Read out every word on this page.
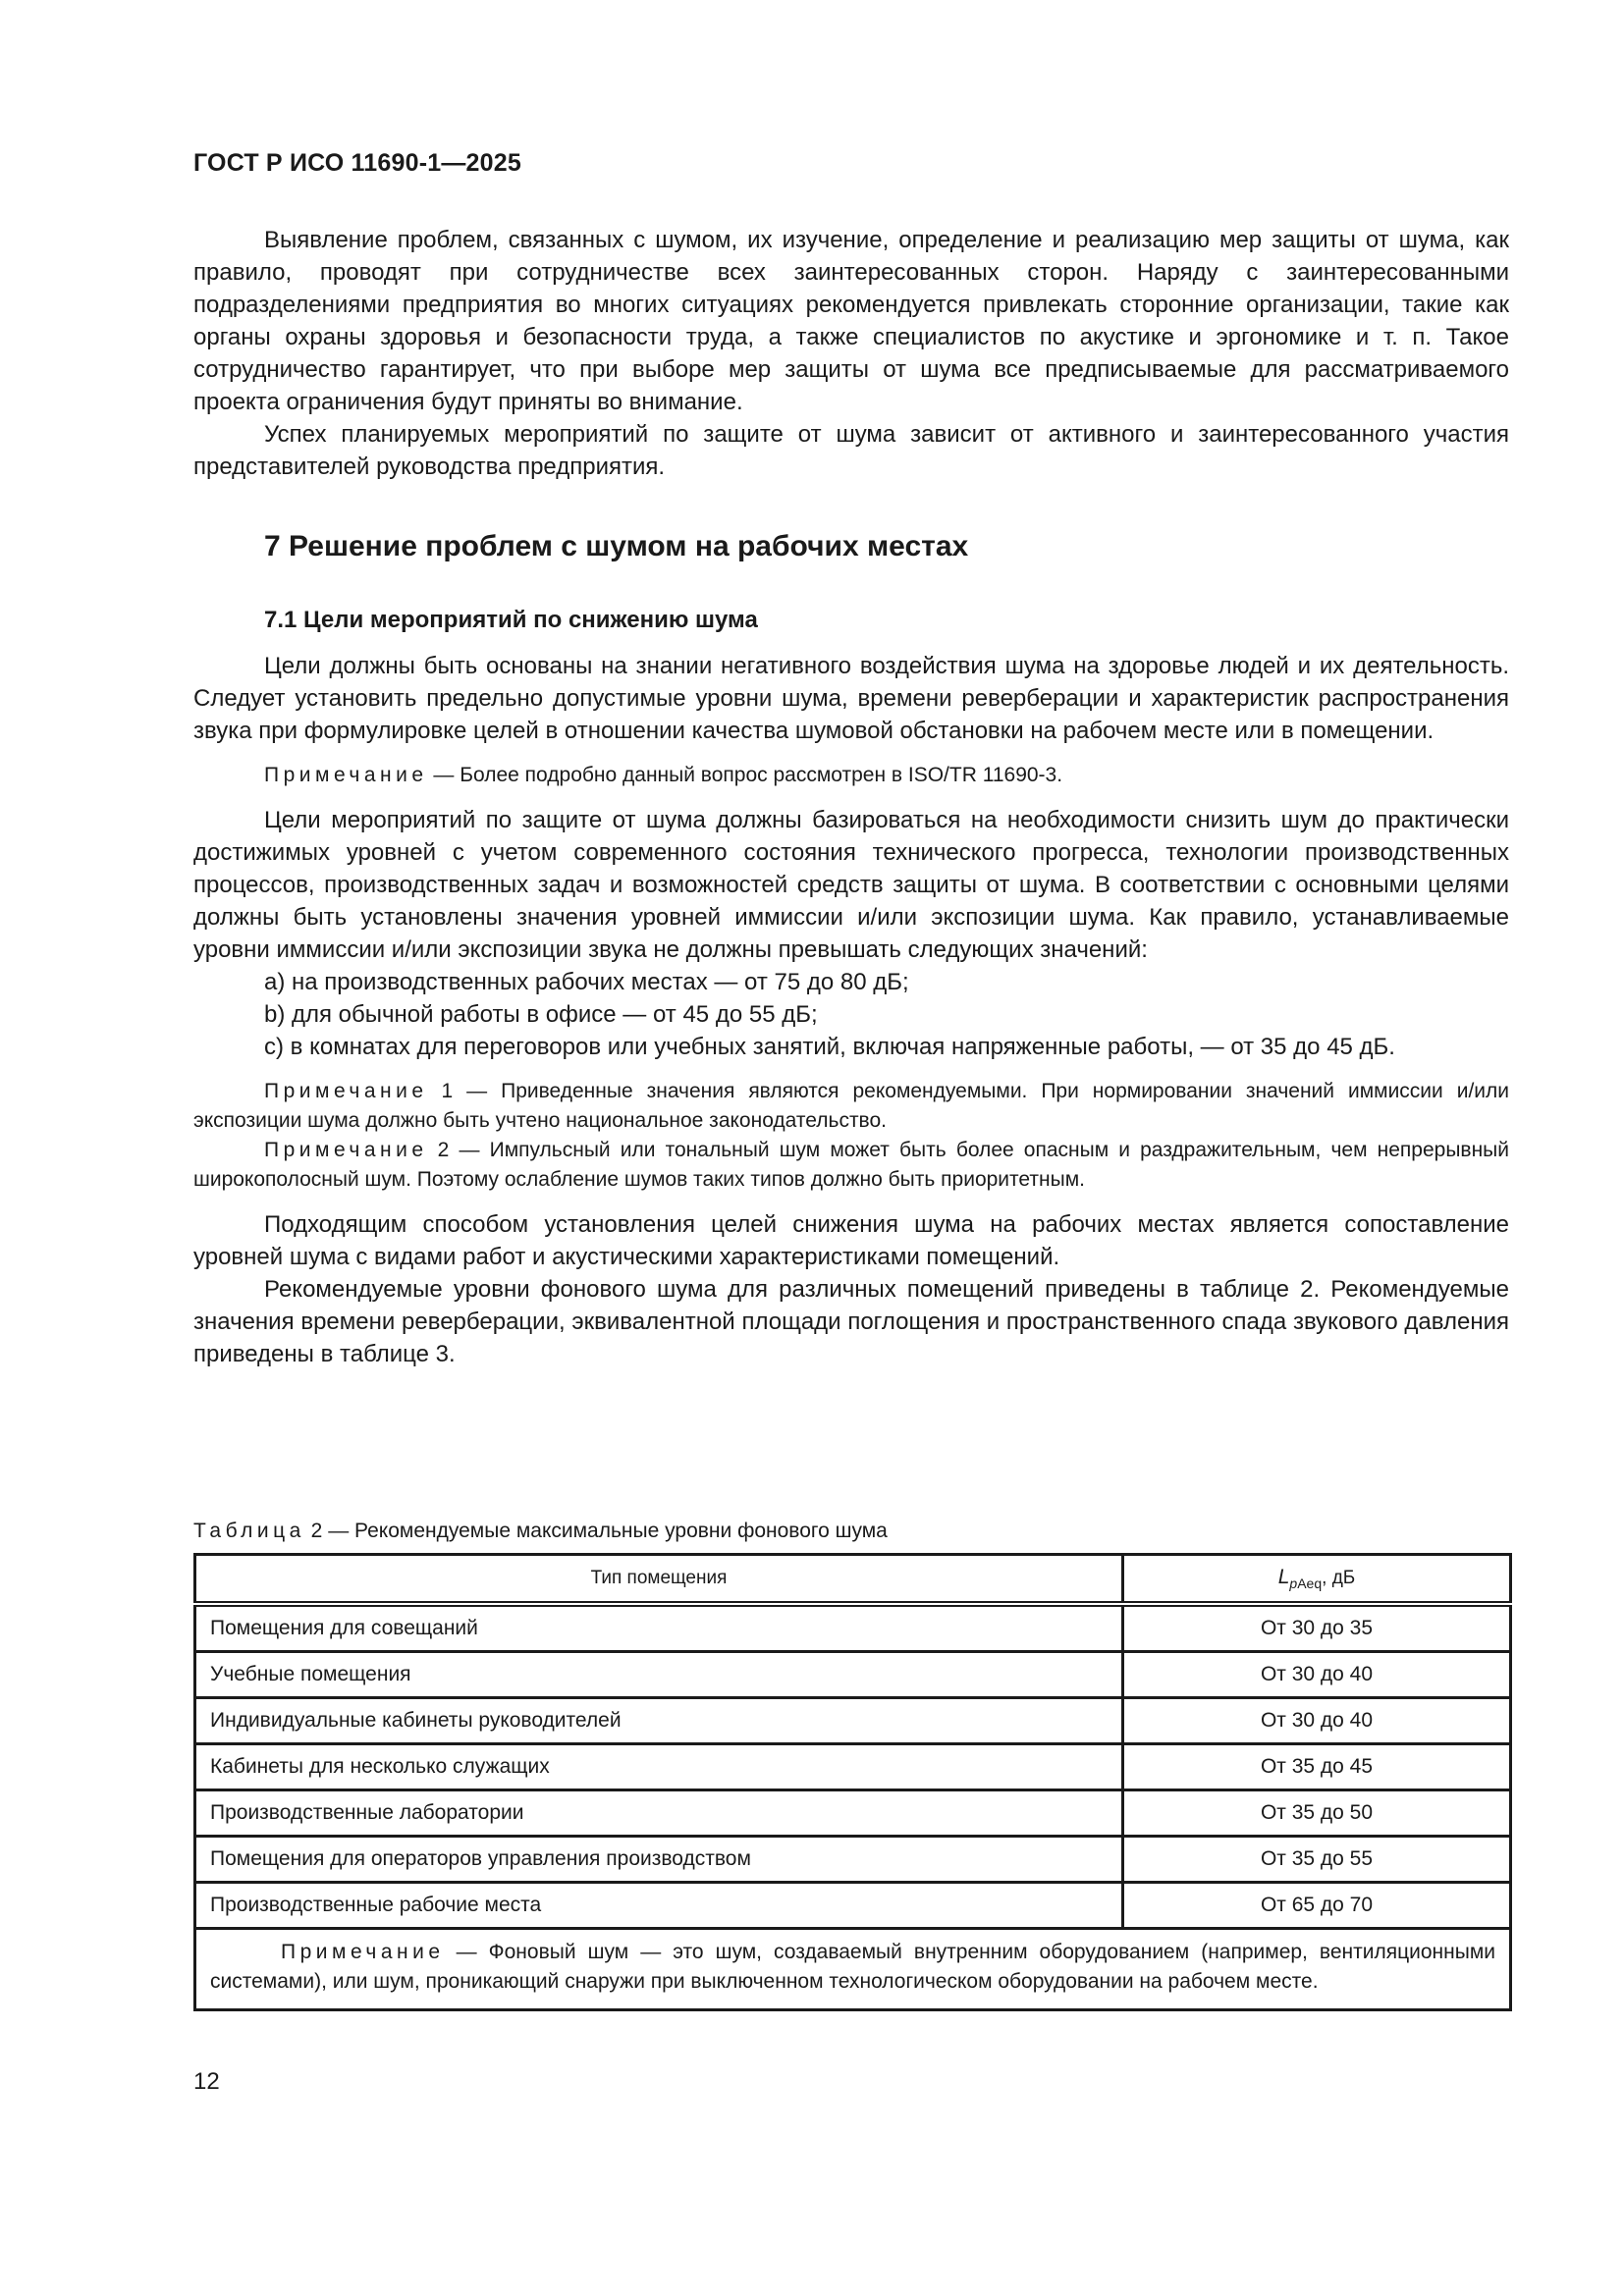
ГОСТ Р ИСО 11690-1—2025

Выявление проблем, связанных с шумом, их изучение, определение и реализацию мер защиты от шума, как правило, проводят при сотрудничестве всех заинтересованных сторон. Наряду с заинтересованными подразделениями предприятия во многих ситуациях рекомендуется привлекать сторонние организации, такие как органы охраны здоровья и безопасности труда, а также специалистов по акустике и эргономике и т. п. Такое сотрудничество гарантирует, что при выборе мер защиты от шума все предписываемые для рассматриваемого проекта ограничения будут приняты во внимание.

Успех планируемых мероприятий по защите от шума зависит от активного и заинтересованного участия представителей руководства предприятия.

7 Решение проблем с шумом на рабочих местах
7.1 Цели мероприятий по снижению шума

Цели должны быть основаны на знании негативного воздействия шума на здоровье людей и их деятельность. Следует установить предельно допустимые уровни шума, времени реверберации и характеристик распространения звука при формулировке целей в отношении качества шумовой обстановки на рабочем месте или в помещении.

Примечание — Более подробно данный вопрос рассмотрен в ISO/TR 11690-3.

Цели мероприятий по защите от шума должны базироваться на необходимости снизить шум до практически достижимых уровней с учетом современного состояния технического прогресса, технологии производственных процессов, производственных задач и возможностей средств защиты от шума. В соответствии с основными целями должны быть установлены значения уровней иммиссии и/или экспозиции шума. Как правило, устанавливаемые уровни иммиссии и/или экспозиции звука не должны превышать следующих значений:

a) на производственных рабочих местах — от 75 до 80 дБ;

b) для обычной работы в офисе — от 45 до 55 дБ;

c) в комнатах для переговоров или учебных занятий, включая напряженные работы, — от 35 до 45 дБ.

Примечание 1 — Приведенные значения являются рекомендуемыми. При нормировании значений иммиссии и/или экспозиции шума должно быть учтено национальное законодательство.

Примечание 2 — Импульсный или тональный шум может быть более опасным и раздражительным, чем непрерывный широкополосный шум. Поэтому ослабление шумов таких типов должно быть приоритетным.

Подходящим способом установления целей снижения шума на рабочих местах является сопоставление уровней шума с видами работ и акустическими характеристиками помещений.

Рекомендуемые уровни фонового шума для различных помещений приведены в таблице 2. Рекомендуемые значения времени реверберации, эквивалентной площади поглощения и пространственного спада звукового давления приведены в таблице 3.

Таблица 2 — Рекомендуемые максимальные уровни фонового шума
Тип помещения	$L_{pAeq}$, дБ
Помещения для совещаний	От 30 до 35
Учебные помещения	От 30 до 40
Индивидуальные кабинеты руководителей	От 30 до 40
Кабинеты для несколько служащих	От 35 до 45
Производственные лаборатории	От 35 до 50
Помещения для операторов управления производством	От 35 до 55
Производственные рабочие места	От 65 до 70
Примечание — Фоновый шум — это шум, создаваемый внутренним оборудованием (например, вентиляционными системами), или шум, проникающий снаружи при выключенном технологическом оборудовании на рабочем месте.	
12
